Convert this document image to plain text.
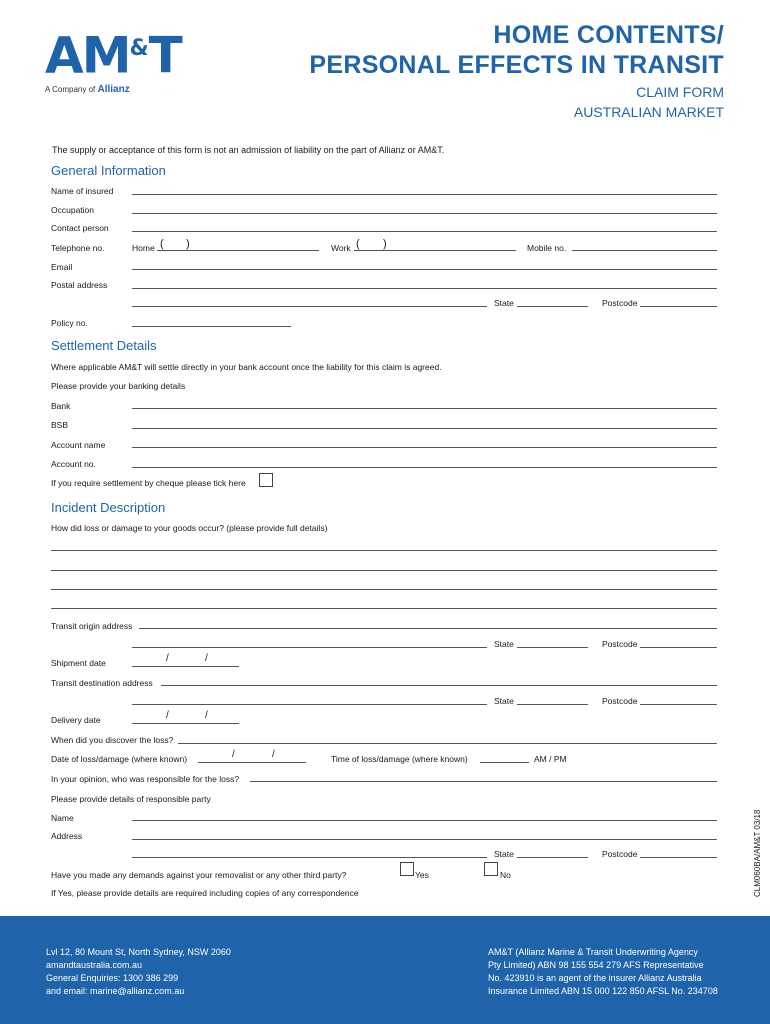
AM&T
A Company of Allianz
HOME CONTENTS/
PERSONAL EFFECTS IN TRANSIT
CLAIM FORM
AUSTRALIAN MARKET
The supply or acceptance of this form is not an admission of liability on the part of Allianz or AM&T.
General Information
Name of insured
Occupation
Contact person
Telephone no.	Home ( )	Work ( )	Mobile no.
Email
Postal address
State	Postcode
Policy no.
Settlement Details
Where applicable AM&T will settle directly in your bank account once the liability for this claim is agreed.
Please provide your banking details
Bank
BSB
Account name
Account no.
If you require settlement by cheque please tick here
Incident Description
How did loss or damage to your goods occur? (please provide full details)
Transit origin address
State	Postcode
Shipment date	/	/
Transit destination address
State	Postcode
Delivery date	/	/
When did you discover the loss?
Date of loss/damage (where known)	/	/	Time of loss/damage (where known)	AM / PM
In your opinion, who was responsible for the loss?
Please provide details of responsible party
Name
Address
State	Postcode
Have you made any demands against your removalist or any other third party?	Yes	No
If Yes, please provide details are required including copies of any correspondence	CLM060BA/AM&T 03/18
Lvl 12, 80 Mount St, North Sydney, NSW 2060
amandtaustralia.com.au
General Enquiries: 1300 386 299
and email: marine@allianz.com.au
AM&T (Allianz Marine & Transit Underwriting Agency
Pty Limited) ABN 98 155 554 279 AFS Representative
No. 423910 is an agent of the insurer Allianz Australia
Insurance Limited ABN 15 000 122 850 AFSL No. 234708
